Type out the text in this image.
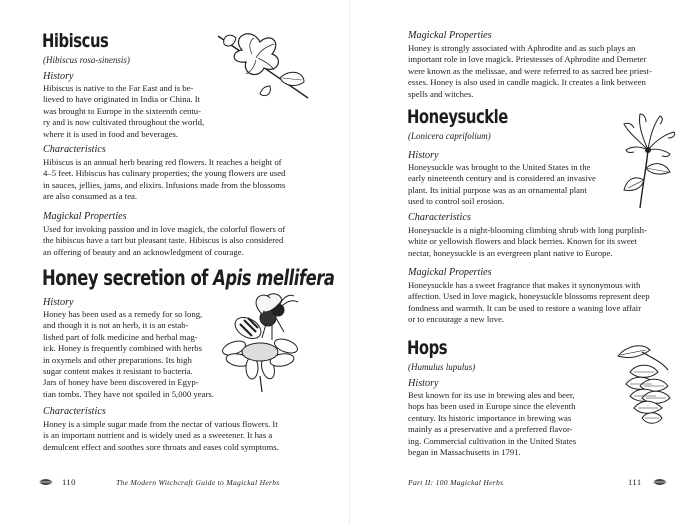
Hibiscus
(Hibiscus rosa-sinensis)
History
Hibiscus is native to the Far East and is be-
lieved to have originated in India or China. It
was brought to Europe in the sixteenth centu-
ry and is now cultivated throughout the world,
where it is used in food and beverages.
Characteristics
Hibiscus is an annual herb bearing red flowers. It reaches a height of
4–5 feet. Hibiscus has culinary properties; the young flowers are used
in sauces, jellies, jams, and elixirs. Infusions made from the blossoms
are also consumed as a tea.
Magickal Properties
Used for invoking passion and in love magick, the colorful flowers of
the hibiscus have a tart but pleasant taste. Hibiscus is also considered
an offering of beauty and an acknowledgment of courage.
Honey secretion of Apis mellifera
History
Honey has been used as a remedy for so long,
and though it is not an herb, it is an estab-
lished part of folk medicine and herbal mag-
ick. Honey is frequently combined with herbs
in oxymels and other preparations. Its high
sugar content makes it resistant to bacteria.
Jars of honey have been discovered in Egyp-
tian tombs. They have not spoiled in 5,000 years.
Characteristics
Honey is a simple sugar made from the nectar of various flowers. It
is an important nutrient and is widely used as a sweetener. It has a
demulcent effect and soothes sore throats and eases cold symptoms.
110	The Modern Witchcraft Guide to Magickal Herbs
Magickal Properties
Honey is strongly associated with Aphrodite and as such plays an
important role in love magick. Priestesses of Aphrodite and Demeter
were known as the melissae, and were referred to as sacred bee priest-
esses. Honey is also used in candle magick. It creates a link between
spells and witches.
Honeysuckle
(Lonicera caprifolium)
History
Honeysuckle was brought to the United States in the
early nineteenth century and is considered an invasive
plant. Its initial purpose was as an ornamental plant
used to control soil erosion.
Characteristics
Honeysuckle is a night-blooming climbing shrub with long purplish-
white or yellowish flowers and black berries. Known for its sweet
nectar, honeysuckle is an evergreen plant native to Europe.
Magickal Properties
Honeysuckle has a sweet fragrance that makes it synonymous with
affection. Used in love magick, honeysuckle blossoms represent deep
fondness and warmth. It can be used to restore a waning love affair
or to encourage a new love.
Hops
(Humulus lupulus)
History
Best known for its use in brewing ales and beer,
hops has been used in Europe since the eleventh
century. Its historic importance in brewing was
mainly as a preservative and a preferred flavor-
ing. Commercial cultivation in the United States
began in Massachusetts in 1791.
Part II: 100 Magickal Herbs	111
